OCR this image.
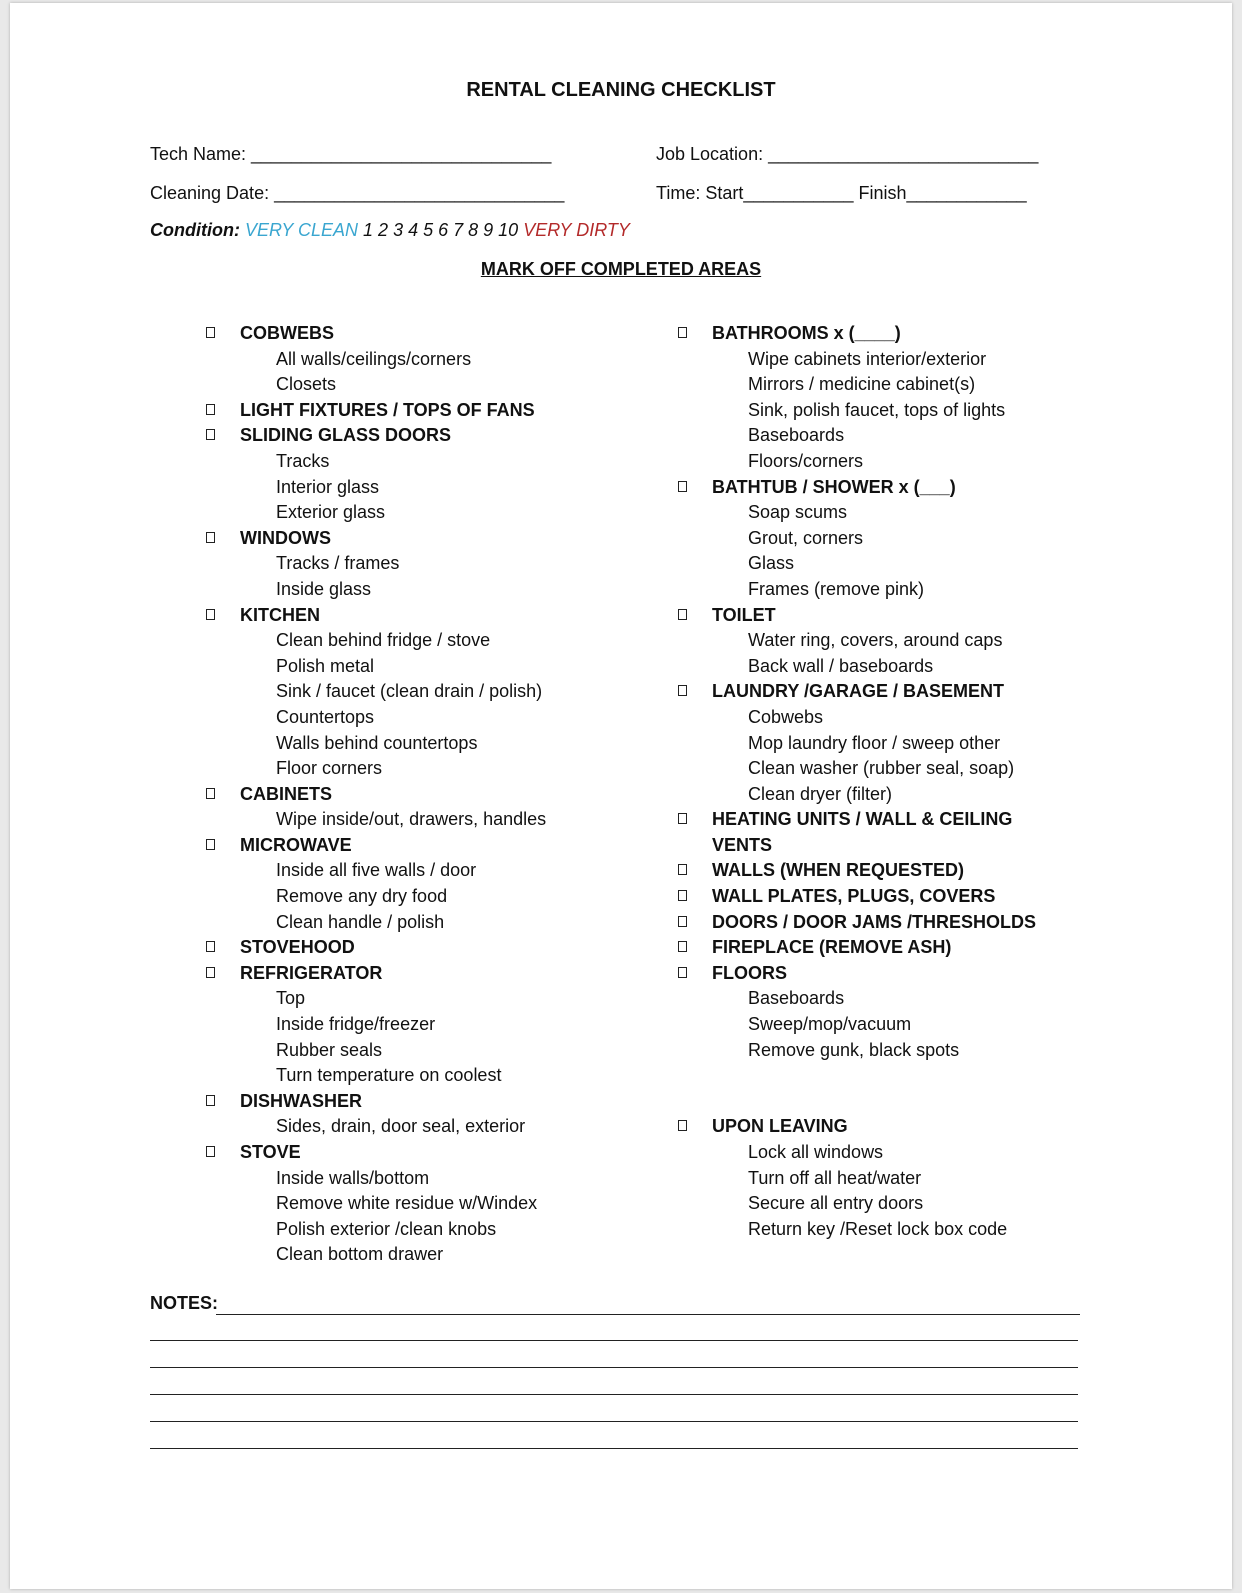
RENTAL CLEANING CHECKLIST
Tech Name: ______________________________	Job Location: ___________________________
Cleaning Date: _____________________________	Time: Start___________ Finish____________
Condition: VERY CLEAN 1 2 3 4 5 6 7 8 9 10 VERY DIRTY
MARK OFF COMPLETED AREAS
COBWEBS
All walls/ceilings/corners
Closets
LIGHT FIXTURES / TOPS OF FANS
SLIDING GLASS DOORS
Tracks
Interior glass
Exterior glass
WINDOWS
Tracks / frames
Inside glass
KITCHEN
Clean behind fridge / stove
Polish metal
Sink / faucet (clean drain / polish)
Countertops
Walls behind countertops
Floor corners
CABINETS
Wipe inside/out, drawers, handles
MICROWAVE
Inside all five walls / door
Remove any dry food
Clean handle / polish
STOVEHOOD
REFRIGERATOR
Top
Inside fridge/freezer
Rubber seals
Turn temperature on coolest
DISHWASHER
Sides, drain, door seal, exterior
STOVE
Inside walls/bottom
Remove white residue w/Windex
Polish exterior /clean knobs
Clean bottom drawer
BATHROOMS x (____)
Wipe cabinets interior/exterior
Mirrors / medicine cabinet(s)
Sink, polish faucet, tops of lights
Baseboards
Floors/corners
BATHTUB / SHOWER x (___)
Soap scums
Grout, corners
Glass
Frames (remove pink)
TOILET
Water ring, covers, around caps
Back wall / baseboards
LAUNDRY /GARAGE / BASEMENT
Cobwebs
Mop laundry floor / sweep other
Clean washer (rubber seal, soap)
Clean dryer (filter)
HEATING UNITS / WALL & CEILING
VENTS
WALLS (WHEN REQUESTED)
WALL PLATES, PLUGS, COVERS
DOORS / DOOR JAMS /THRESHOLDS
FIREPLACE (REMOVE ASH)
FLOORS
Baseboards
Sweep/mop/vacuum
Remove gunk, black spots
UPON LEAVING
Lock all windows
Turn off all heat/water
Secure all entry doors
Return key /Reset lock box code
NOTES:
